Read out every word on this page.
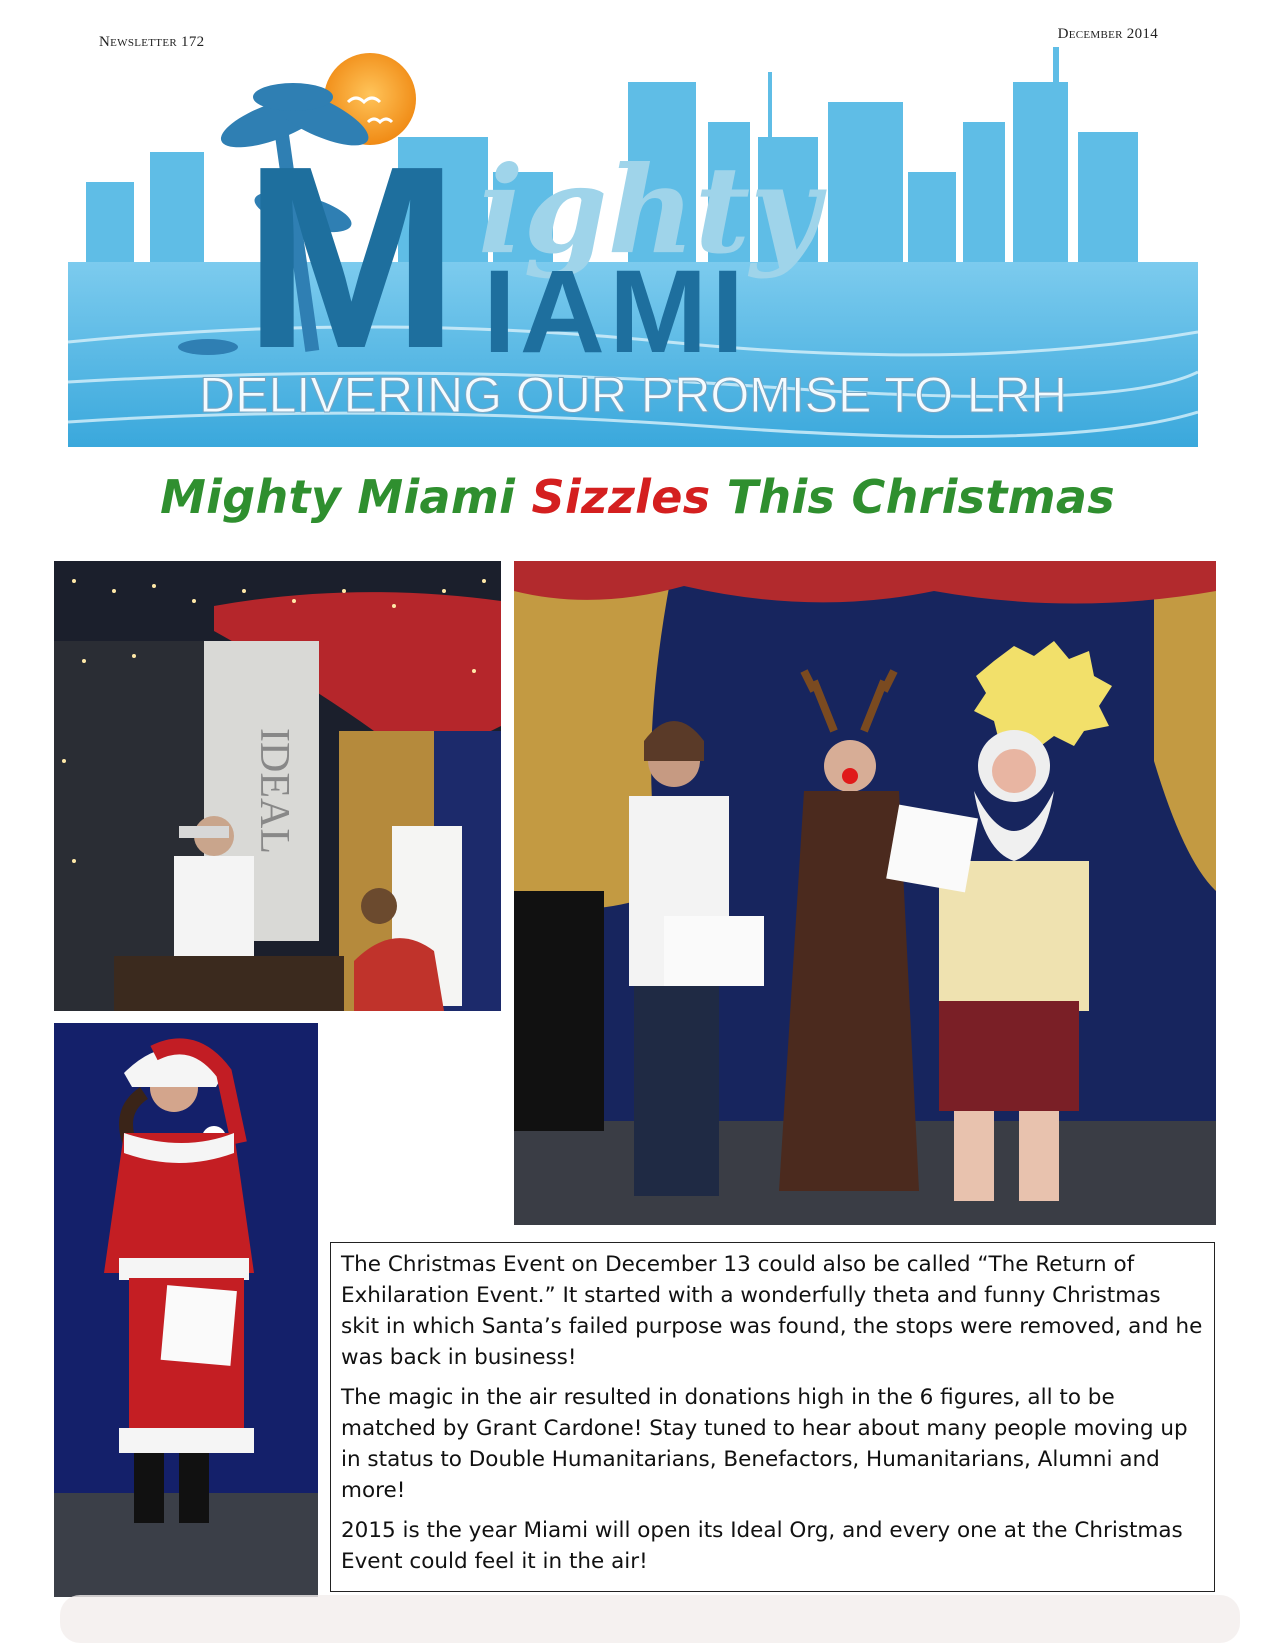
Newsletter 172	December 2014
M ighty
IAMI
DELIVERING OUR PROMISE TO LRH
Mighty Miami Sizzles This Christmas
IDEAL

The Christmas Event on December 13 could also be called “The Return of Exhilaration Event.” It started with a wonderfully theta and funny Christmas skit in which Santa’s failed purpose was found, the stops were removed, and he was back in business!

The magic in the air resulted in donations high in the 6 figures, all to be matched by Grant Cardone! Stay tuned to hear about many people moving up in status to Double Humanitarians, Benefactors, Humanitarians, Alumni and more!

2015 is the year Miami will open its Ideal Org, and every one at the Christmas Event could feel it in the air!
